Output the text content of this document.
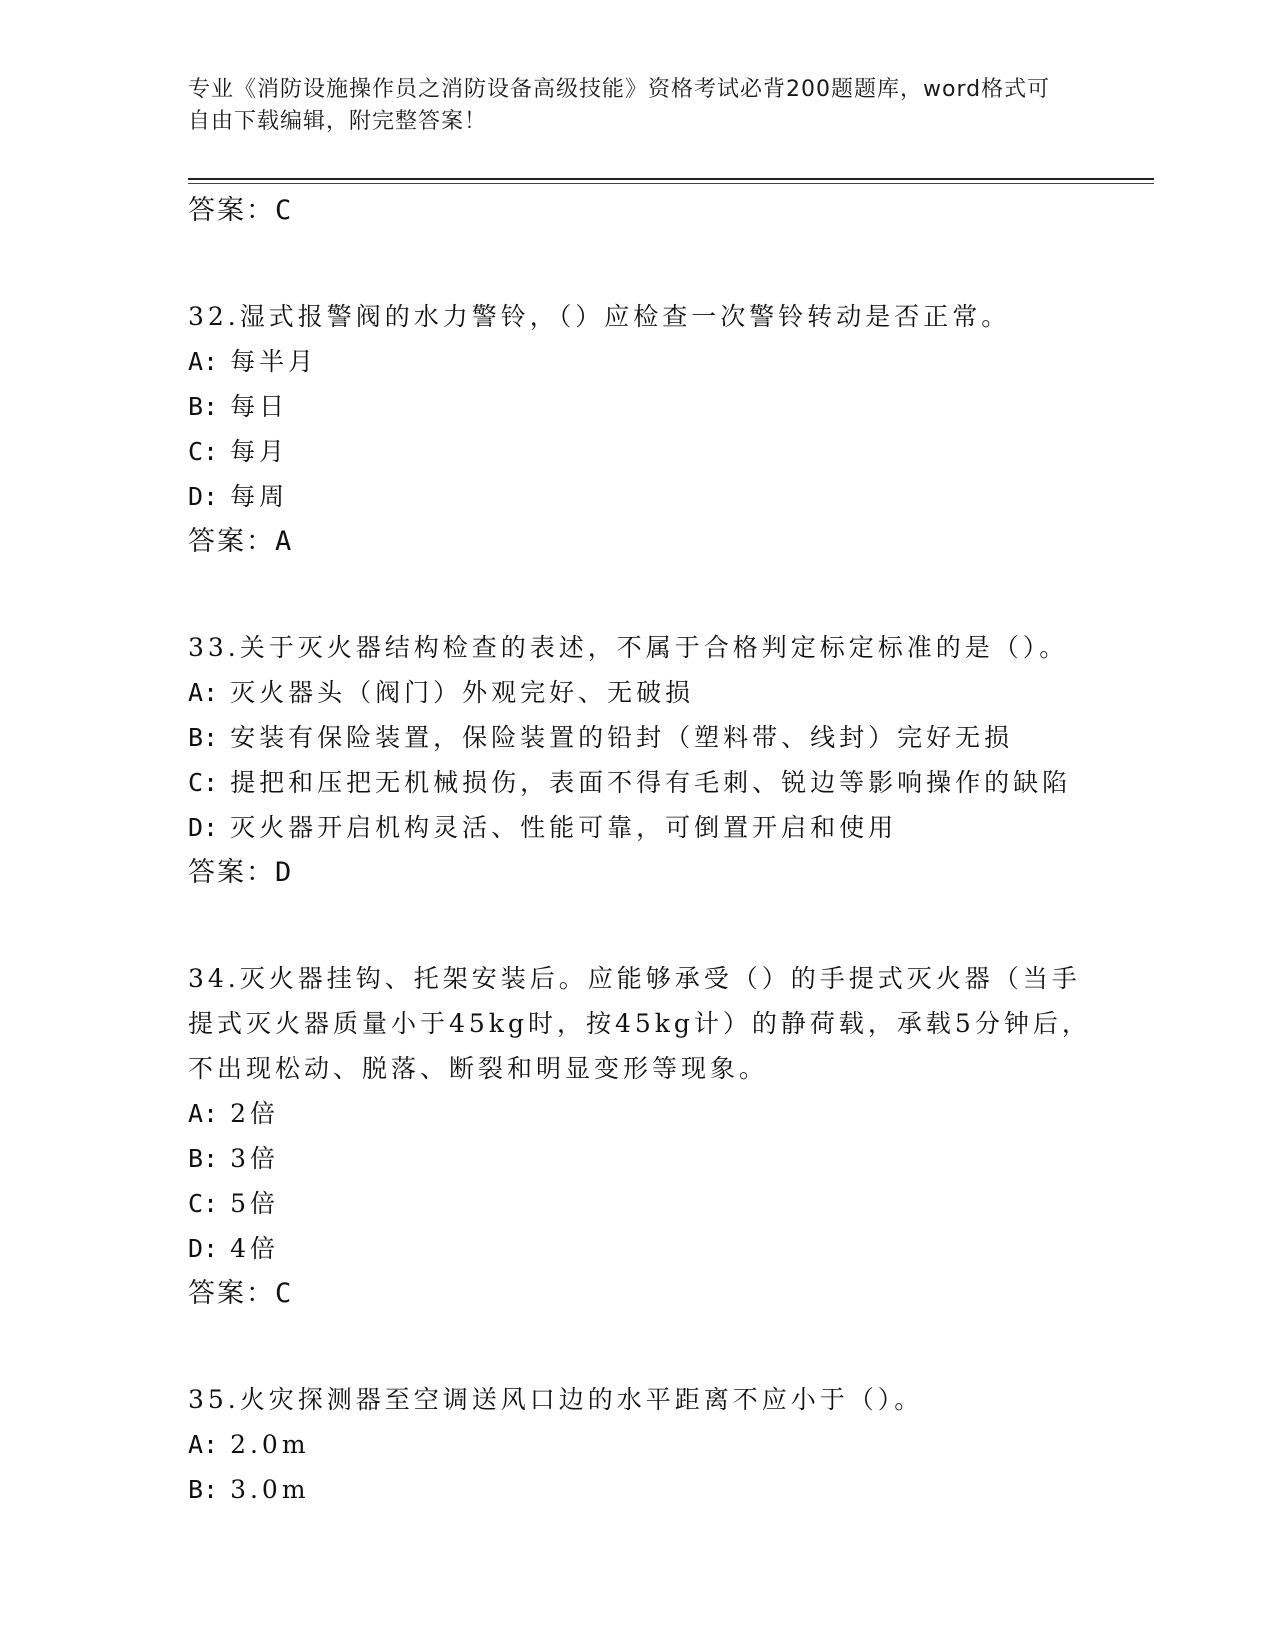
专业《消防设施操作员之消防设备高级技能》资格考试必背200题题库，word格式可自由下载编辑，附完整答案！
答案：C

32.湿式报警阀的水力警铃，（）应检查一次警铃转动是否正常。

A: 每半月
B: 每日
C: 每月
D: 每周
答案：A

33.关于灭火器结构检查的表述，不属于合格判定标定标准的是（）。

A: 灭火器头（阀门）外观完好、无破损
B: 安装有保险装置，保险装置的铅封（塑料带、线封）完好无损
C: 提把和压把无机械损伤，表面不得有毛刺、锐边等影响操作的缺陷
D: 灭火器开启机构灵活、性能可靠，可倒置开启和使用
答案：D

34.灭火器挂钩、托架安装后。应能够承受（）的手提式灭火器（当手提式灭火器质量小于45kg时，按45kg计）的静荷载，承载5分钟后，不出现松动、脱落、断裂和明显变形等现象。

A: 2倍
B: 3倍
C: 5倍
D: 4倍
答案：C

35.火灾探测器至空调送风口边的水平距离不应小于（）。

A: 2.0m
B: 3.0m
